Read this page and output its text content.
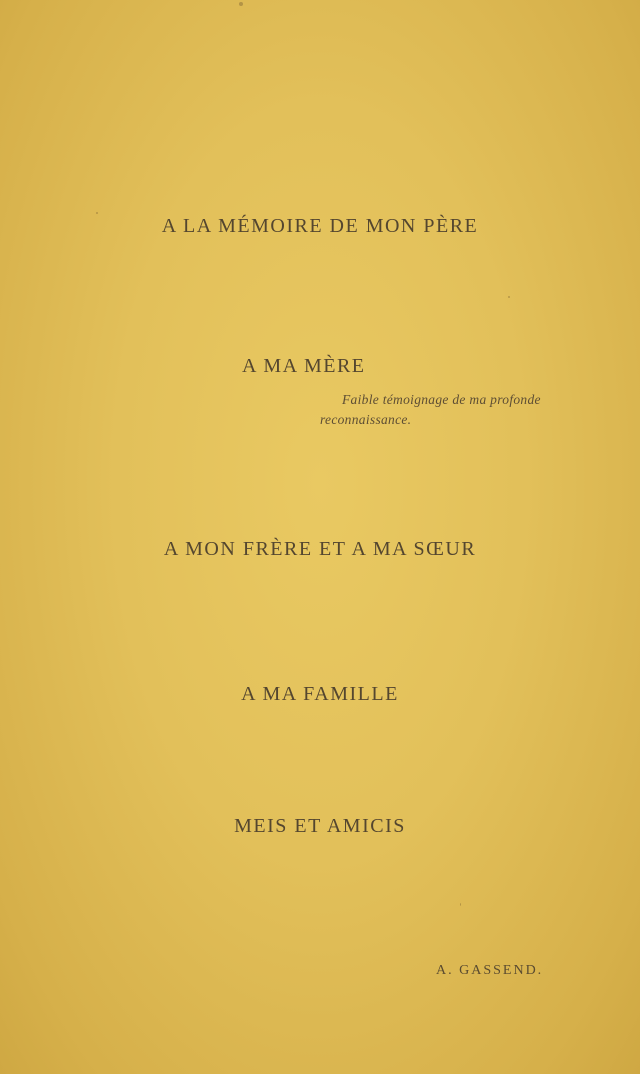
A LA MÉMOIRE DE MON PÈRE
A MA MÈRE
Faible témoignage de ma profonde
reconnaissance.
A MON FRÈRE ET A MA SŒUR
A MA FAMILLE
MEIS ET AMICIS
A. GASSEND.
